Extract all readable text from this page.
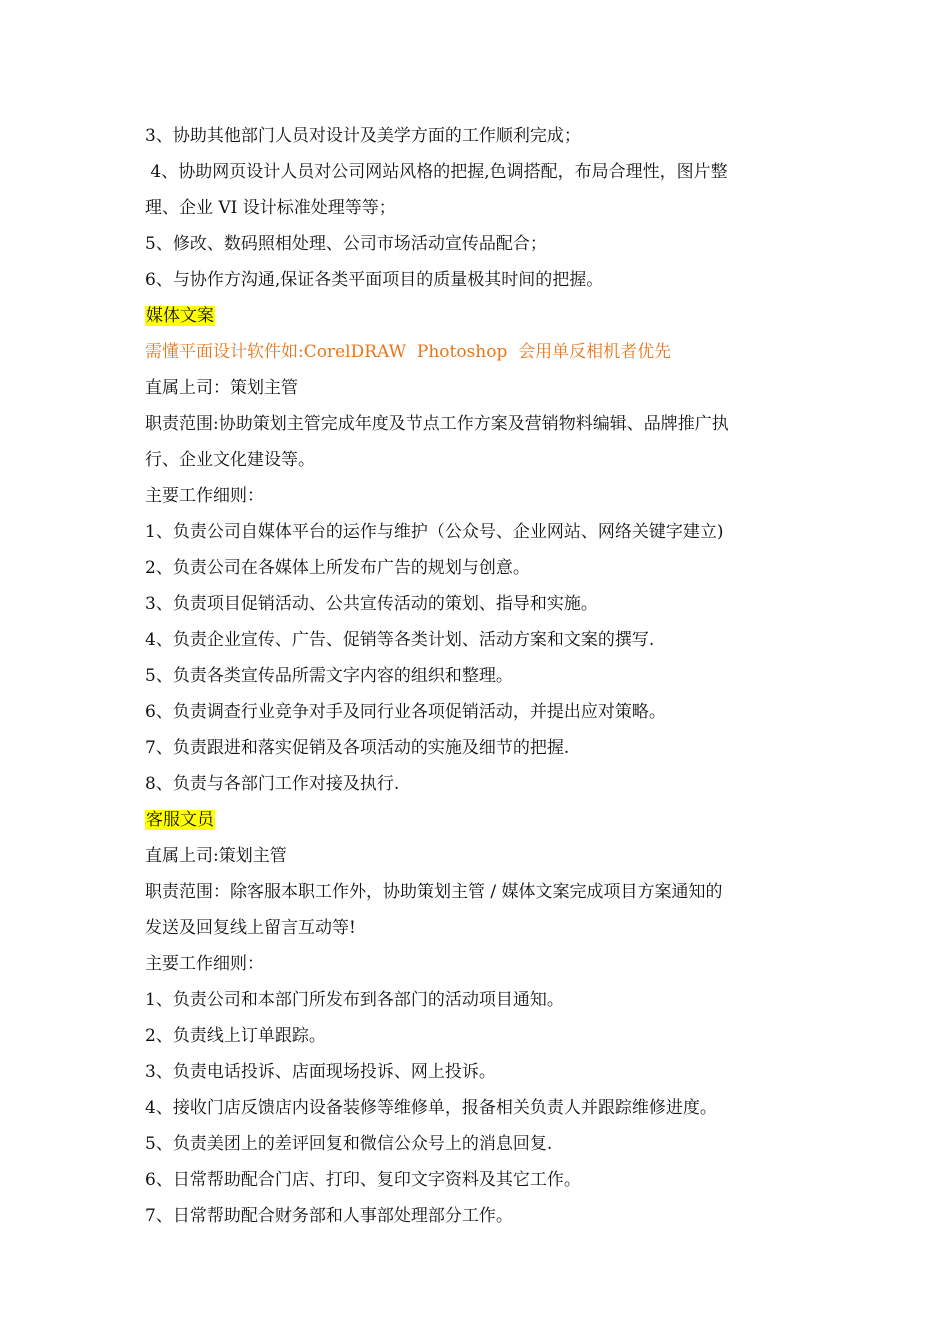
3、协助其他部门人员对设计及美学方面的工作顺利完成；
4、协助网页设计人员对公司网站风格的把握,色调搭配，布局合理性，图片整
理、企业 VI 设计标准处理等等；
5、修改、数码照相处理、公司市场活动宣传品配合；
6、与协作方沟通,保证各类平面项目的质量极其时间的把握。
媒体文案
需懂平面设计软件如:CorelDRAW  Photoshop  会用单反相机者优先
直属上司：策划主管
职责范围:协助策划主管完成年度及节点工作方案及营销物料编辑、品牌推广执
行、企业文化建设等。
主要工作细则：
1、负责公司自媒体平台的运作与维护（公众号、企业网站、网络关键字建立)
2、负责公司在各媒体上所发布广告的规划与创意。
3、负责项目促销活动、公共宣传活动的策划、指导和实施。
4、负责企业宣传、广告、促销等各类计划、活动方案和文案的撰写.
5、负责各类宣传品所需文字内容的组织和整理。
6、负责调查行业竞争对手及同行业各项促销活动，并提出应对策略。
7、负责跟进和落实促销及各项活动的实施及细节的把握.
8、负责与各部门工作对接及执行.
客服文员
直属上司:策划主管
职责范围：除客服本职工作外，协助策划主管 / 媒体文案完成项目方案通知的
发送及回复线上留言互动等!
主要工作细则：
1、负责公司和本部门所发布到各部门的活动项目通知。
2、负责线上订单跟踪。
3、负责电话投诉、店面现场投诉、网上投诉。
4、接收门店反馈店内设备装修等维修单，报备相关负责人并跟踪维修进度。
5、负责美团上的差评回复和微信公众号上的消息回复.
6、日常帮助配合门店、打印、复印文字资料及其它工作。
7、日常帮助配合财务部和人事部处理部分工作。
